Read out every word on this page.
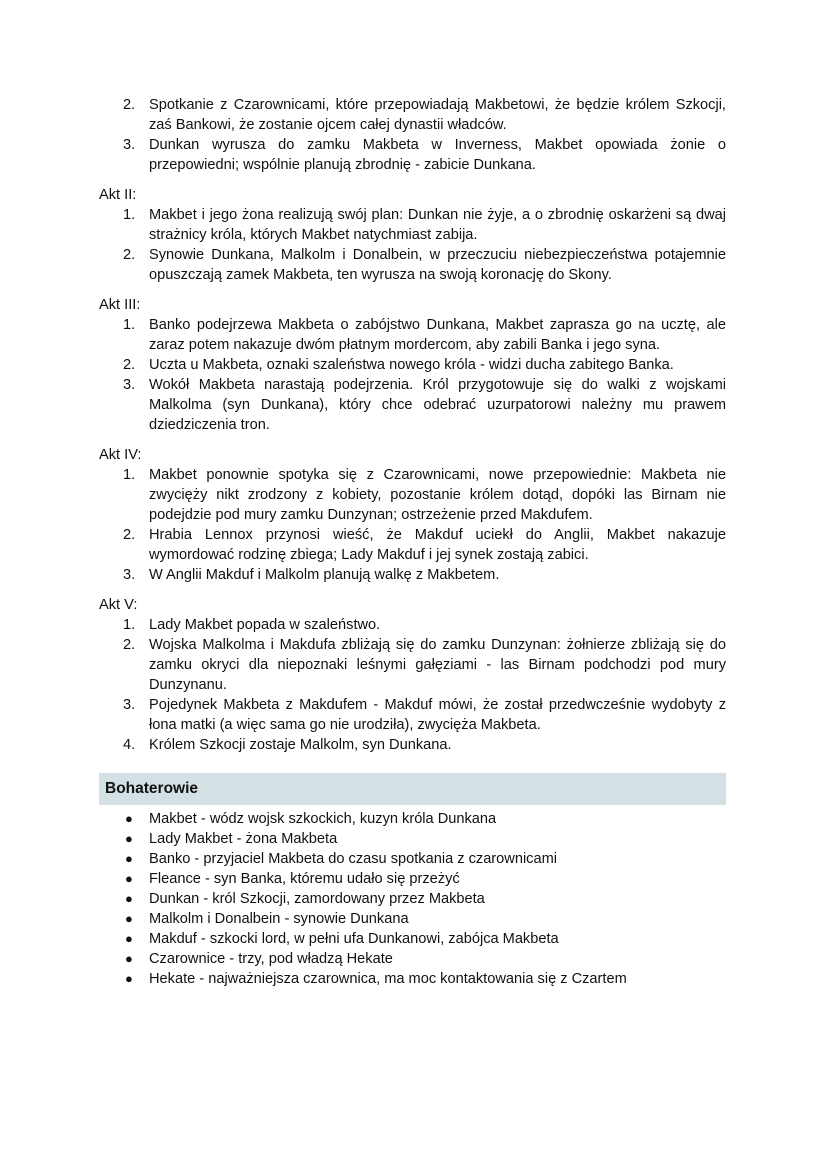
2. Spotkanie z Czarownicami, które przepowiadają Makbetowi, że będzie królem Szkocji, zaś Bankowi, że zostanie ojcem całej dynastii władców.
3. Dunkan wyrusza do zamku Makbeta w Inverness, Makbet opowiada żonie o przepowiedni; wspólnie planują zbrodnię - zabicie Dunkana.

Akt II:

1. Makbet i jego żona realizują swój plan: Dunkan nie żyje, a o zbrodnię oskarżeni są dwaj strażnicy króla, których Makbet natychmiast zabija.
2. Synowie Dunkana, Malkolm i Donalbein, w przeczuciu niebezpieczeństwa potajemnie opuszczają zamek Makbeta, ten wyrusza na swoją koronację do Skony.

Akt III:

1. Banko podejrzewa Makbeta o zabójstwo Dunkana, Makbet zaprasza go na ucztę, ale zaraz potem nakazuje dwóm płatnym mordercom, aby zabili Banka i jego syna.
2. Uczta u Makbeta, oznaki szaleństwa nowego króla - widzi ducha zabitego Banka.
3. Wokół Makbeta narastają podejrzenia. Król przygotowuje się do walki z wojskami Malkolma (syn Dunkana), który chce odebrać uzurpatorowi należny mu prawem dziedziczenia tron.

Akt IV:

1. Makbet ponownie spotyka się z Czarownicami, nowe przepowiednie: Makbeta nie zwycięży nikt zrodzony z kobiety, pozostanie królem dotąd, dopóki las Birnam nie podejdzie pod mury zamku Dunzynan; ostrzeżenie przed Makdufem.
2. Hrabia Lennox przynosi wieść, że Makduf uciekł do Anglii, Makbet nakazuje wymordować rodzinę zbiega; Lady Makduf i jej synek zostają zabici.
3. W Anglii Makduf i Malkolm planują walkę z Makbetem.

Akt V:

1. Lady Makbet popada w szaleństwo.
2. Wojska Malkolma i Makdufa zbliżają się do zamku Dunzynan: żołnierze zbliżają się do zamku okryci dla niepoznaki leśnymi gałęziami - las Birnam podchodzi pod mury Dunzynanu.
3. Pojedynek Makbeta z Makdufem - Makduf mówi, że został przedwcześnie wydobyty z łona matki (a więc sama go nie urodziła), zwycięża Makbeta.
4. Królem Szkocji zostaje Malkolm, syn Dunkana.
Bohaterowie
● Makbet - wódz wojsk szkockich, kuzyn króla Dunkana
● Lady Makbet - żona Makbeta
● Banko - przyjaciel Makbeta do czasu spotkania z czarownicami
● Fleance - syn Banka, któremu udało się przeżyć
● Dunkan - król Szkocji, zamordowany przez Makbeta
● Malkolm i Donalbein - synowie Dunkana
● Makduf - szkocki lord, w pełni ufa Dunkanowi, zabójca Makbeta
● Czarownice - trzy, pod władzą Hekate
● Hekate - najważniejsza czarownica, ma moc kontaktowania się z Czartem
